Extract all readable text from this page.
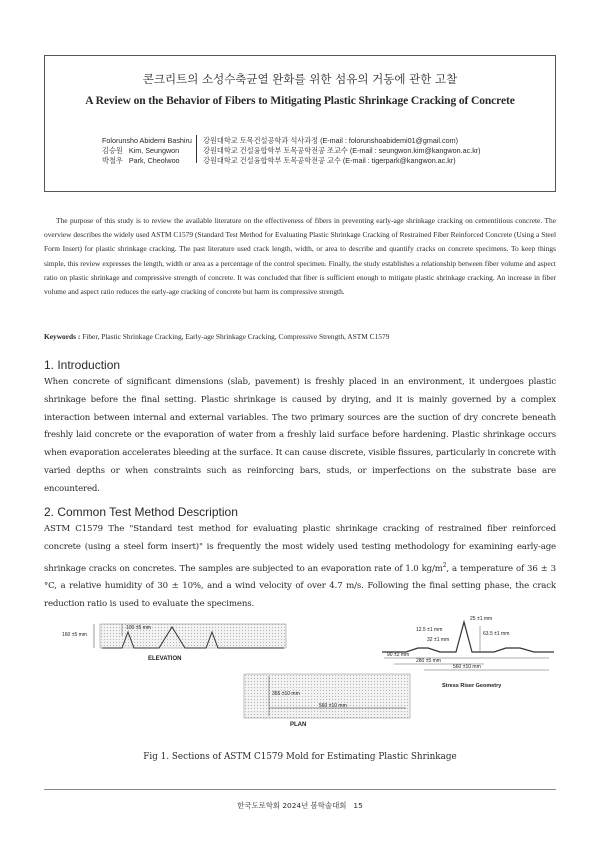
콘크리트의 소성수축균열 완화를 위한 섬유의 거동에 관한 고찰
A Review on the Behavior of Fibers to Mitigating Plastic Shrinkage Cracking of Concrete
Folorunsho Abidemi Bashiru	강원대학교 토목건설공학과 석사과정 (E-mail : folorunshoabidemi01@gmail.com)
김승원   Kim, Seungwon	강원대학교 건설융합학부 토목공학전공 조교수 (E-mail : seungwon.kim@kangwon.ac.kr)
박철우   Park, Cheolwoo	강원대학교 건설융합학부 토목공학전공 교수 (E-mail : tigerpark@kangwon.ac.kr)
The purpose of this study is to review the available literature on the effectiveness of fibers in preventing early-age shrinkage cracking on cementitious concrete. The overview describes the widely used ASTM C1579 (Standard Test Method for Evaluating Plastic Shrinkage Cracking of Restrained Fiber Reinforced Concrete (Using a Steel Form Insert) for plastic shrinkage cracking. The past literature used crack length, width, or area to describe and quantify cracks on concrete specimens. To keep things simple, this review expresses the length, width or area as a percentage of the control specimen. Finally, the study establishes a relationship between fiber volume and aspect ratio on plastic shrinkage and compressive strength of concrete. It was concluded that fiber is sufficient enough to mitigate plastic shrinkage cracking. An increase in fiber volume and aspect ratio reduces the early-age cracking of concrete but harm its compressive strength.
Keywords : Fiber, Plastic Shrinkage Cracking, Early-age Shrinkage Cracking, Compressive Strength, ASTM C1579
1. Introduction
When concrete of significant dimensions (slab, pavement) is freshly placed in an environment, it undergoes plastic shrinkage before the final setting. Plastic shrinkage is caused by drying, and it is mainly governed by a complex interaction between internal and external variables. The two primary sources are the suction of dry concrete beneath freshly laid concrete or the evaporation of water from a freshly laid surface before hardening. Plastic shrinkage occurs when evaporation accelerates bleeding at the surface. It can cause discrete, visible fissures, particularly in concrete with varied depths or when constraints such as reinforcing bars, studs, or imperfections on the substrate base are encountered.
2. Common Test Method Description
ASTM C1579 The "Standard test method for evaluating plastic shrinkage cracking of restrained fiber reinforced concrete (using a steel form insert)" is frequently the most widely used testing methodology for examining early-age shrinkage cracks on concretes. The samples are subjected to an evaporation rate of 1.0 $kg/m^2$, a temperature of 36 ± 3 °C, a relative humidity of 30 ± 10%, and a wind velocity of over 4.7 m/s. Following the final setting phase, the crack reduction ratio is used to evaluate the specimens.
160 ±5 mm
100 ±5 mm
ELEVATION
355 ±10 mm
560 ±10 mm
PLAN
25 ±1 mm
12.5 ±1 mm
63.5 ±1 mm
32 ±1 mm
90 ±2 mm
280 ±5 mm
560 ±10 mm
Stress Riser Geometry
Fig 1. Sections of ASTM C1579 Mold for Estimating Plastic Shrinkage
한국도로학회 2024년 봄학술대회 15
